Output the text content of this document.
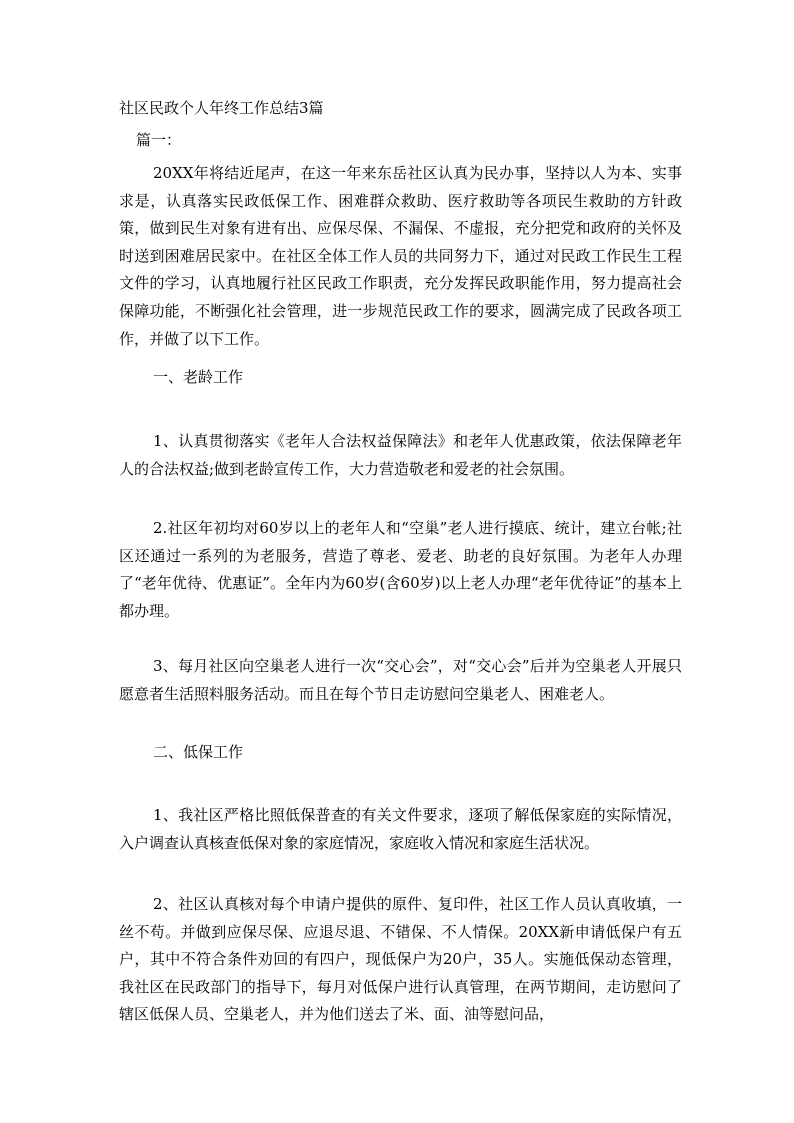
社区民政个人年终工作总结3篇
篇一：

20XX年将结近尾声，在这一年来东岳社区认真为民办事，坚持以人为本、实事求是，认真落实民政低保工作、困难群众救助、医疗救助等各项民生救助的方针政策，做到民生对象有进有出、应保尽保、不漏保、不虚报，充分把党和政府的关怀及时送到困难居民家中。在社区全体工作人员的共同努力下，通过对民政工作民生工程文件的学习，认真地履行社区民政工作职责，充分发挥民政职能作用，努力提高社会保障功能，不断强化社会管理，进一步规范民政工作的要求，圆满完成了民政各项工作，并做了以下工作。

一、老龄工作

1、认真贯彻落实《老年人合法权益保障法》和老年人优惠政策，依法保障老年人的合法权益;做到老龄宣传工作，大力营造敬老和爱老的社会氛围。

2.社区年初均对60岁以上的老年人和“空巢”老人进行摸底、统计，建立台帐;社区还通过一系列的为老服务，营造了尊老、爱老、助老的良好氛围。为老年人办理了“老年优待、优惠证”。全年内为60岁(含60岁)以上老人办理“老年优待证”的基本上都办理。

3、每月社区向空巢老人进行一次“交心会”，对“交心会”后并为空巢老人开展只愿意者生活照料服务活动。而且在每个节日走访慰问空巢老人、困难老人。

二、低保工作

1、我社区严格比照低保普查的有关文件要求，逐项了解低保家庭的实际情况，入户调查认真核查低保对象的家庭情况，家庭收入情况和家庭生活状况。

2、社区认真核对每个申请户提供的原件、复印件，社区工作人员认真收填，一丝不苟。并做到应保尽保、应退尽退、不错保、不人情保。20XX新申请低保户有五户，其中不符合条件劝回的有四户，现低保户为20户，35人。实施低保动态管理，我社区在民政部门的指导下，每月对低保户进行认真管理，在两节期间，走访慰问了辖区低保人员、空巢老人，并为他们送去了米、面、油等慰问品，
